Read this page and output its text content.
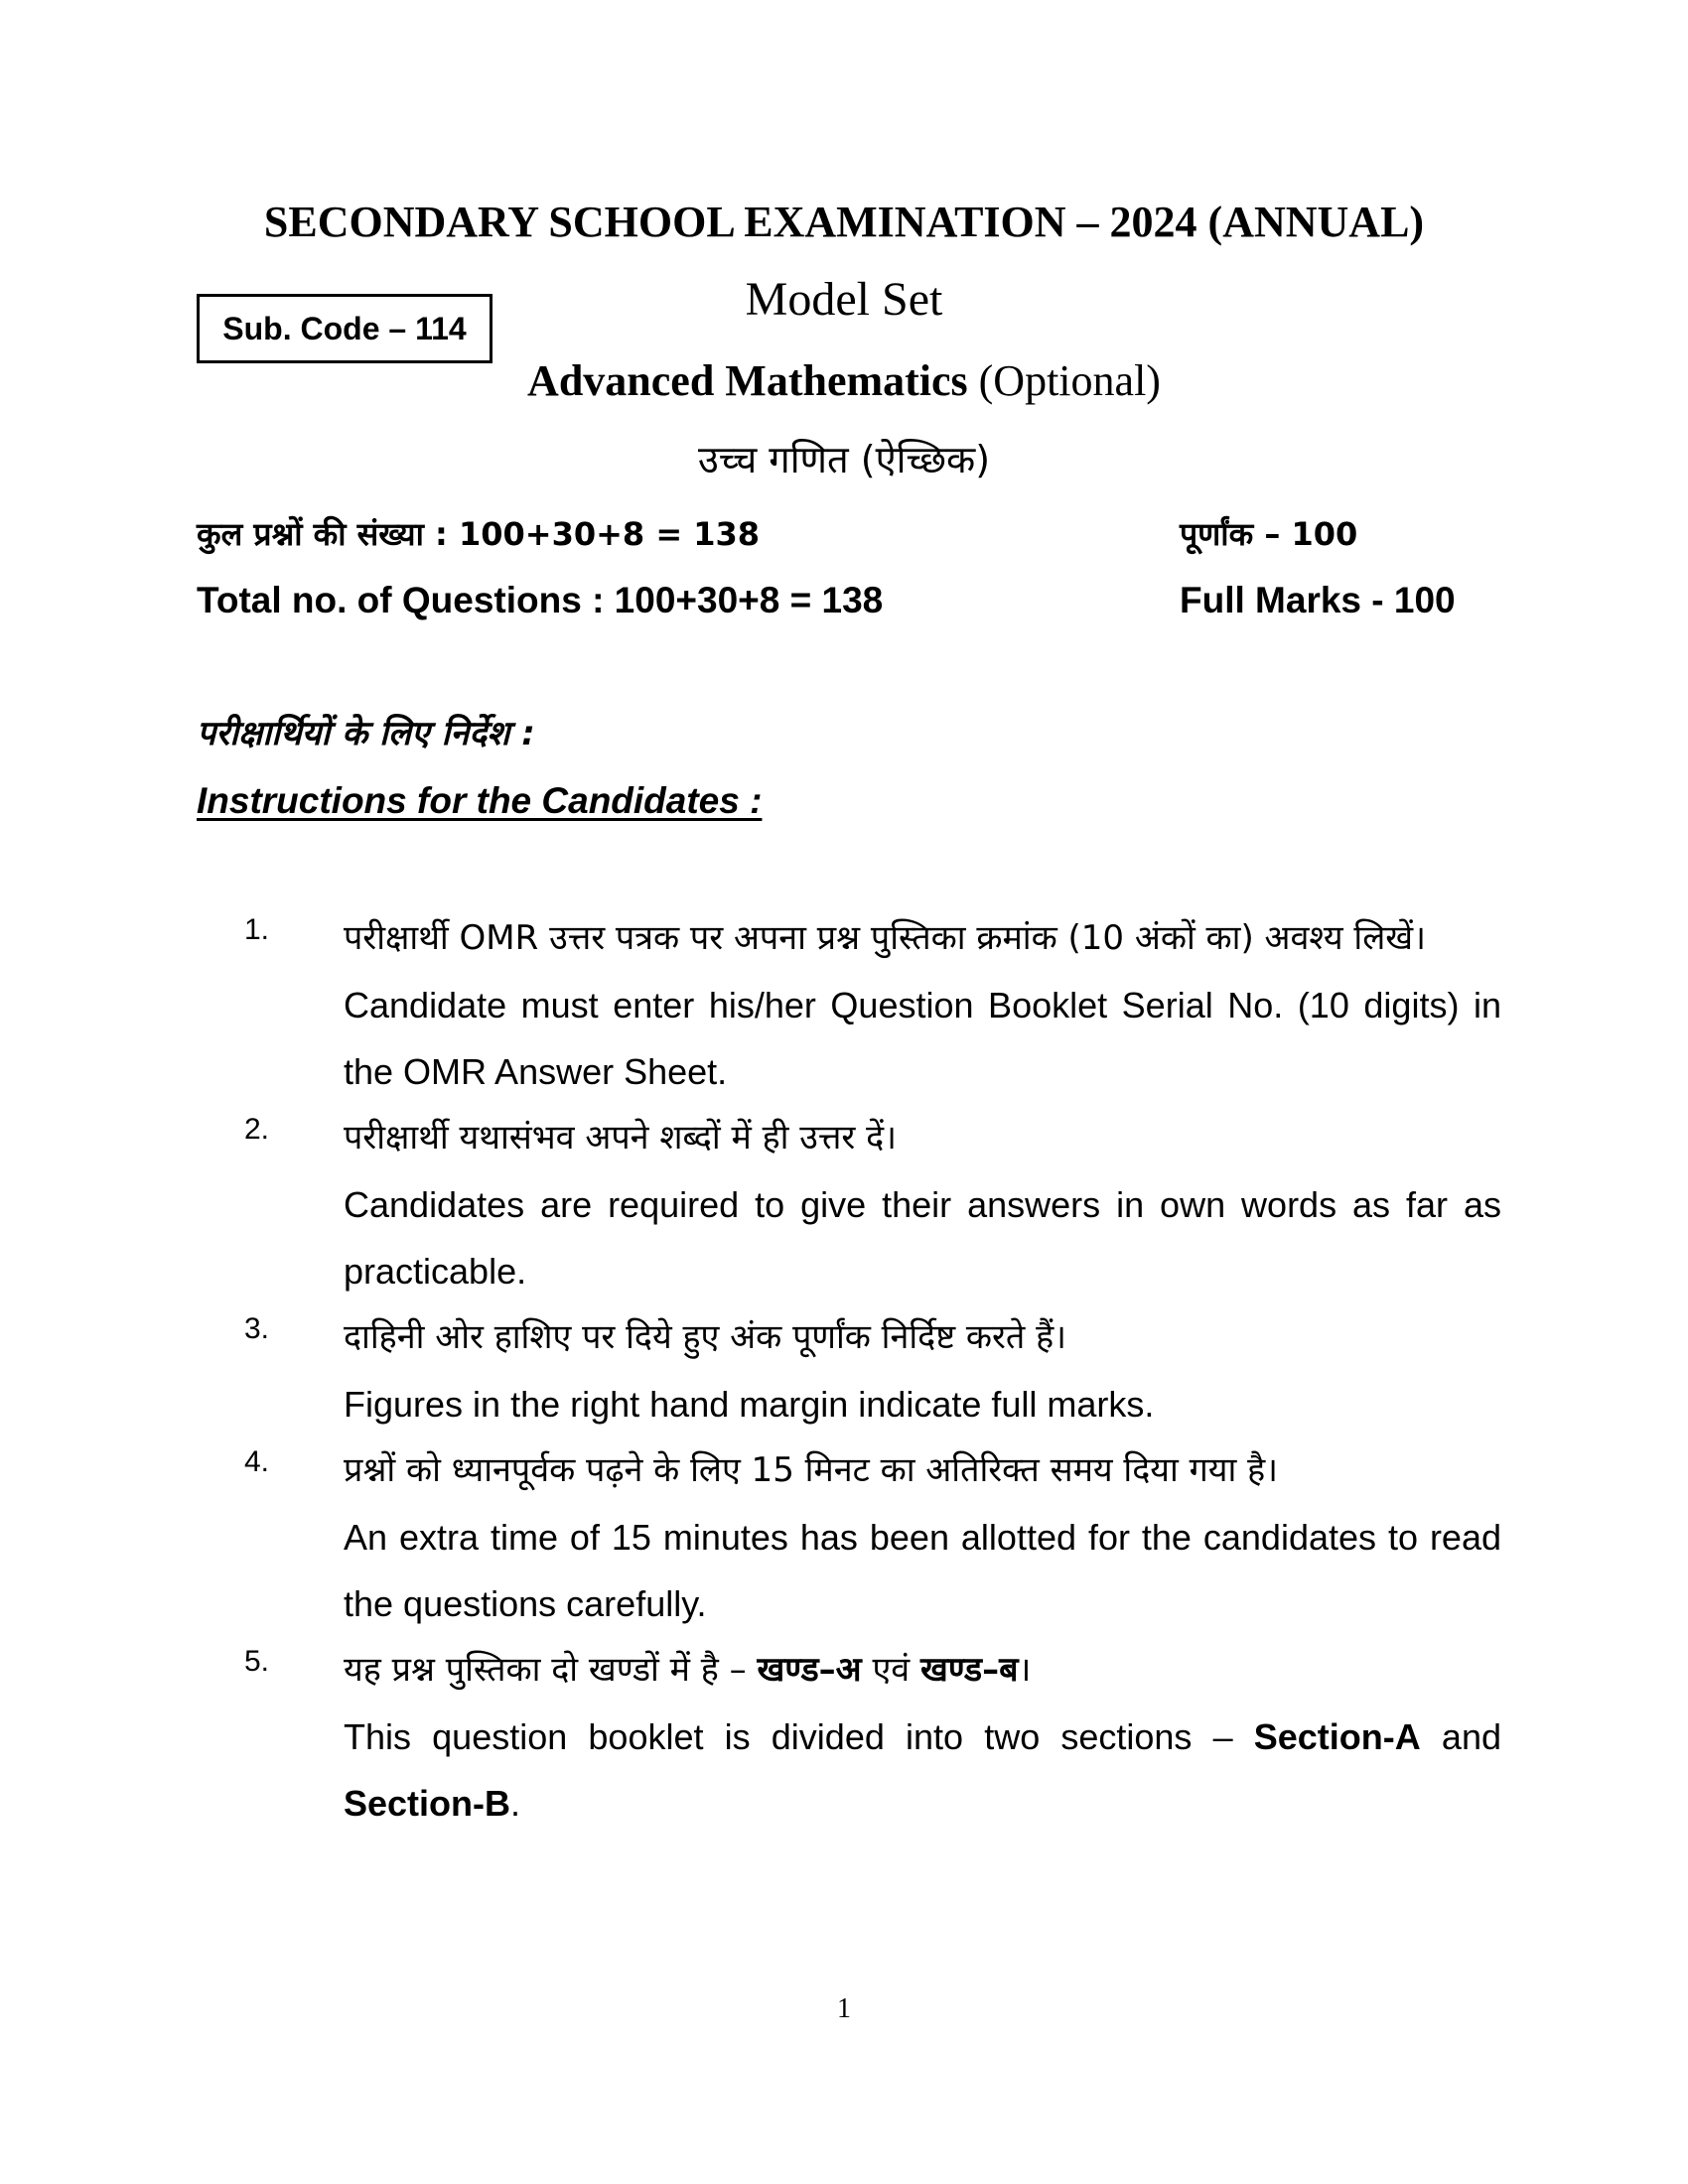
SECONDARY SCHOOL EXAMINATION – 2024 (ANNUAL)
Sub. Code – 114
Model Set
Advanced Mathematics (Optional)
उच्च गणित (ऐच्छिक)
कुल प्रश्नों की संख्या : 100+30+8 = 138	पूर्णांक – 100
Total no. of Questions : 100+30+8 = 138	Full Marks - 100
परीक्षार्थियों के लिए निर्देश :
Instructions for the Candidates :
1. परीक्षार्थी OMR उत्तर पत्रक पर अपना प्रश्न पुस्तिका क्रमांक (10 अंकों का) अवश्य लिखें।

Candidate must enter his/her Question Booklet Serial No. (10 digits) in the OMR Answer Sheet.

2. परीक्षार्थी यथासंभव अपने शब्दों में ही उत्तर दें।

Candidates are required to give their answers in own words as far as practicable.

3. दाहिनी ओर हाशिए पर दिये हुए अंक पूर्णांक निर्दिष्ट करते हैं।

Figures in the right hand margin indicate full marks.

4. प्रश्नों को ध्यानपूर्वक पढ़ने के लिए 15 मिनट का अतिरिक्त समय दिया गया है।

An extra time of 15 minutes has been allotted for the candidates to read the questions carefully.

5. यह प्रश्न पुस्तिका दो खण्डों में है – खण्ड–अ एवं खण्ड–ब।

This question booklet is divided into two sections – Section-A and Section-B.

1
